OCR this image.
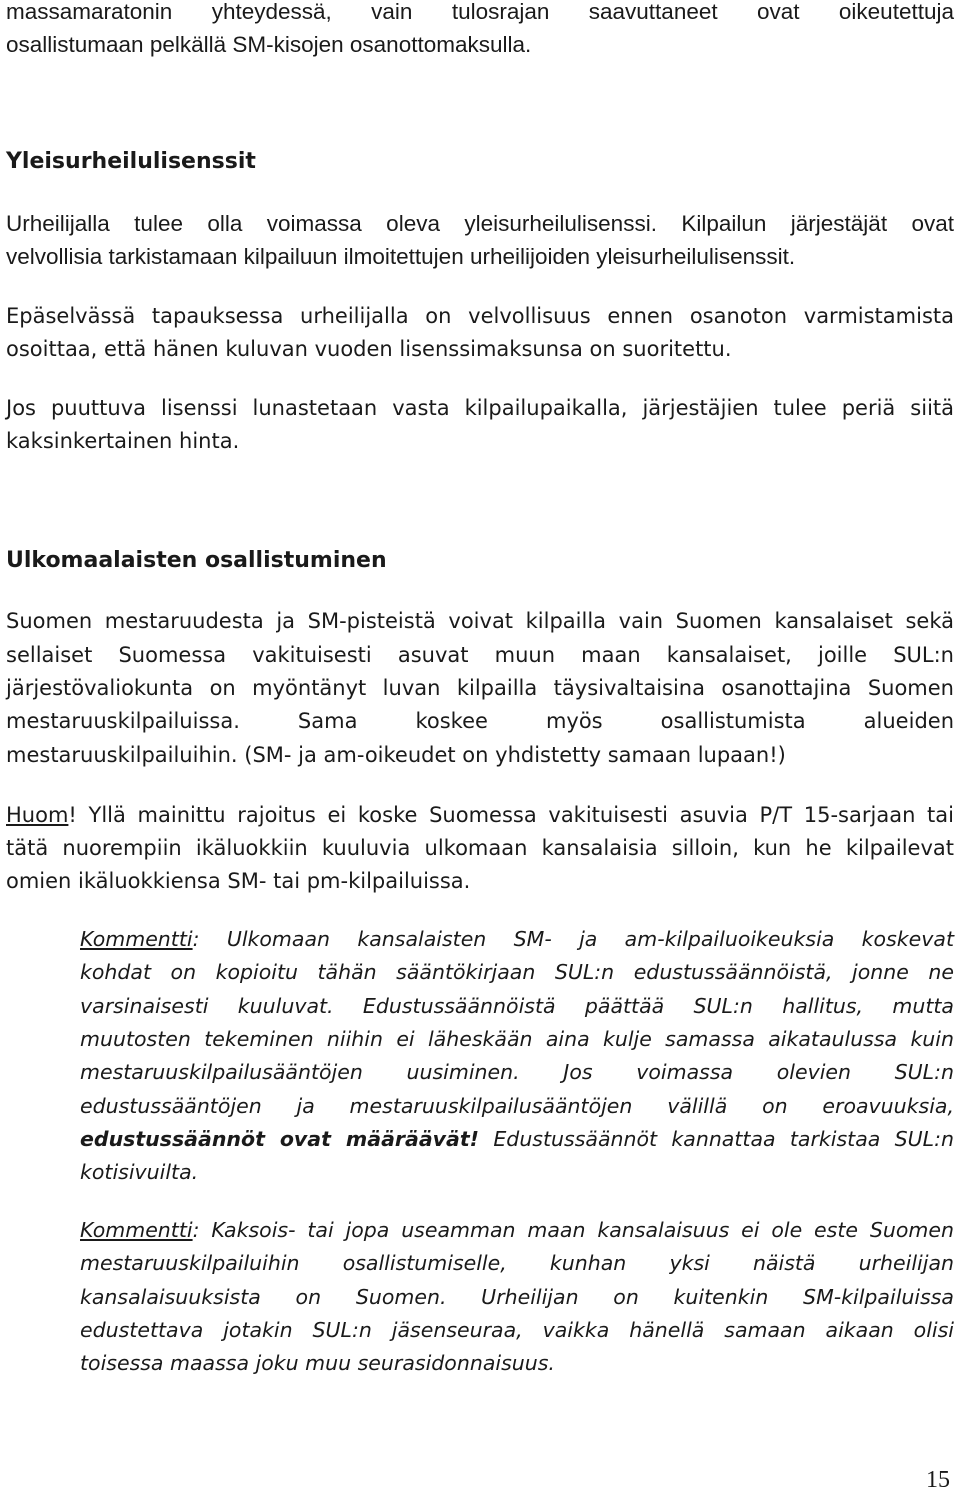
massamaratonin yhteydessä, vain tulosrajan saavuttaneet ovat oikeutettuja
osallistumaan pelkällä SM-kisojen osanottomaksulla.
Yleisurheilulisenssit
Urheilijalla tulee olla voimassa oleva yleisurheilulisenssi. Kilpailun järjestäjät ovat
velvollisia tarkistamaan kilpailuun ilmoitettujen urheilijoiden yleisurheilulisenssit.
Epäselvässä tapauksessa urheilijalla on velvollisuus ennen osanoton varmistamista
osoittaa, että hänen kuluvan vuoden lisenssimaksunsa on suoritettu.
Jos puuttuva lisenssi lunastetaan vasta kilpailupaikalla, järjestäjien tulee periä siitä
kaksinkertainen hinta.
Ulkomaalaisten osallistuminen
Suomen mestaruudesta ja SM-pisteistä voivat kilpailla vain Suomen kansalaiset sekä
sellaiset Suomessa vakituisesti asuvat muun maan kansalaiset, joille SUL:n
järjestövaliokunta on myöntänyt luvan kilpailla täysivaltaisina osanottajina Suomen
mestaruuskilpailuissa. Sama koskee myös osallistumista alueiden
mestaruuskilpailuihin. (SM- ja am-oikeudet on yhdistetty samaan lupaan!)
Huom! Yllä mainittu rajoitus ei koske Suomessa vakituisesti asuvia P/T 15-sarjaan tai
tätä nuorempiin ikäluokkiin kuuluvia ulkomaan kansalaisia silloin, kun he kilpailevat
omien ikäluokkiensa SM- tai pm-kilpailuissa.
Kommentti: Ulkomaan kansalaisten SM- ja am-kilpailuoikeuksia koskevat
kohdat on kopioitu tähän sääntökirjaan SUL:n edustussäännöistä, jonne ne
varsinaisesti kuuluvat. Edustussäännöistä päättää SUL:n hallitus, mutta
muutosten tekeminen niihin ei läheskään aina kulje samassa aikataulussa kuin
mestaruuskilpailusääntöjen uusiminen. Jos voimassa olevien SUL:n
edustussääntöjen ja mestaruuskilpailusääntöjen välillä on eroavuuksia,
edustussäännöt ovat määräävät! Edustussäännöt kannattaa tarkistaa SUL:n
kotisivuilta.
Kommentti: Kaksois- tai jopa useamman maan kansalaisuus ei ole este Suomen
mestaruuskilpailuihin osallistumiselle, kunhan yksi näistä urheilijan
kansalaisuuksista on Suomen. Urheilijan on kuitenkin SM-kilpailuissa
edustettava jotakin SUL:n jäsenseuraa, vaikka hänellä samaan aikaan olisi
toisessa maassa joku muu seurasidonnaisuus.
15
